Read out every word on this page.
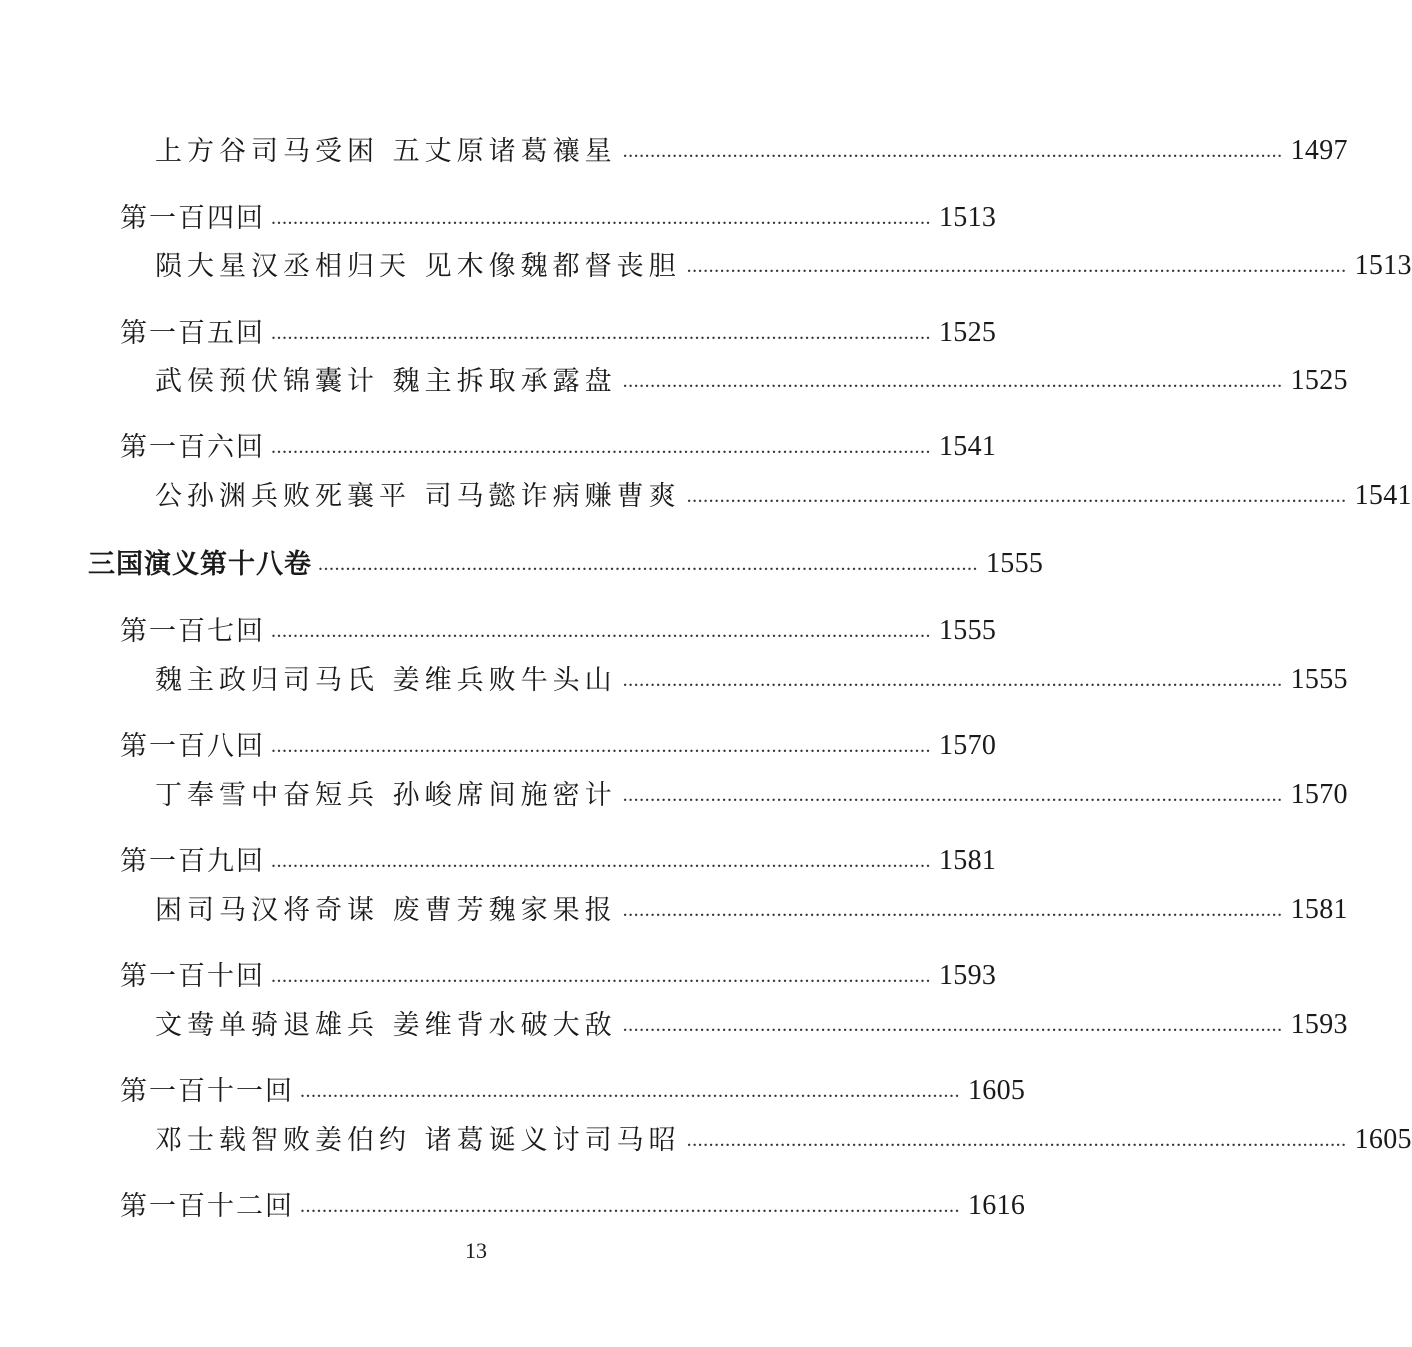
上方谷司马受困 五丈原诸葛禳星 ........................................................................................................................ 1497
第一百四回 ........................................................................................................................ 1513
陨大星汉丞相归天 见木像魏都督丧胆 ........................................................................................................................ 1513
第一百五回 ........................................................................................................................ 1525
武侯预伏锦囊计 魏主拆取承露盘 ........................................................................................................................ 1525
第一百六回 ........................................................................................................................ 1541
公孙渊兵败死襄平 司马懿诈病赚曹爽 ........................................................................................................................ 1541
三国演义第十八卷 ........................................................................................................................ 1555
第一百七回 ........................................................................................................................ 1555
魏主政归司马氏 姜维兵败牛头山 ........................................................................................................................ 1555
第一百八回 ........................................................................................................................ 1570
丁奉雪中奋短兵 孙峻席间施密计 ........................................................................................................................ 1570
第一百九回 ........................................................................................................................ 1581
困司马汉将奇谋 废曹芳魏家果报 ........................................................................................................................ 1581
第一百十回 ........................................................................................................................ 1593
文鸯单骑退雄兵 姜维背水破大敌 ........................................................................................................................ 1593
第一百十一回 ........................................................................................................................ 1605
邓士载智败姜伯约 诸葛诞义讨司马昭 ........................................................................................................................ 1605
第一百十二回 ........................................................................................................................ 1616
13
